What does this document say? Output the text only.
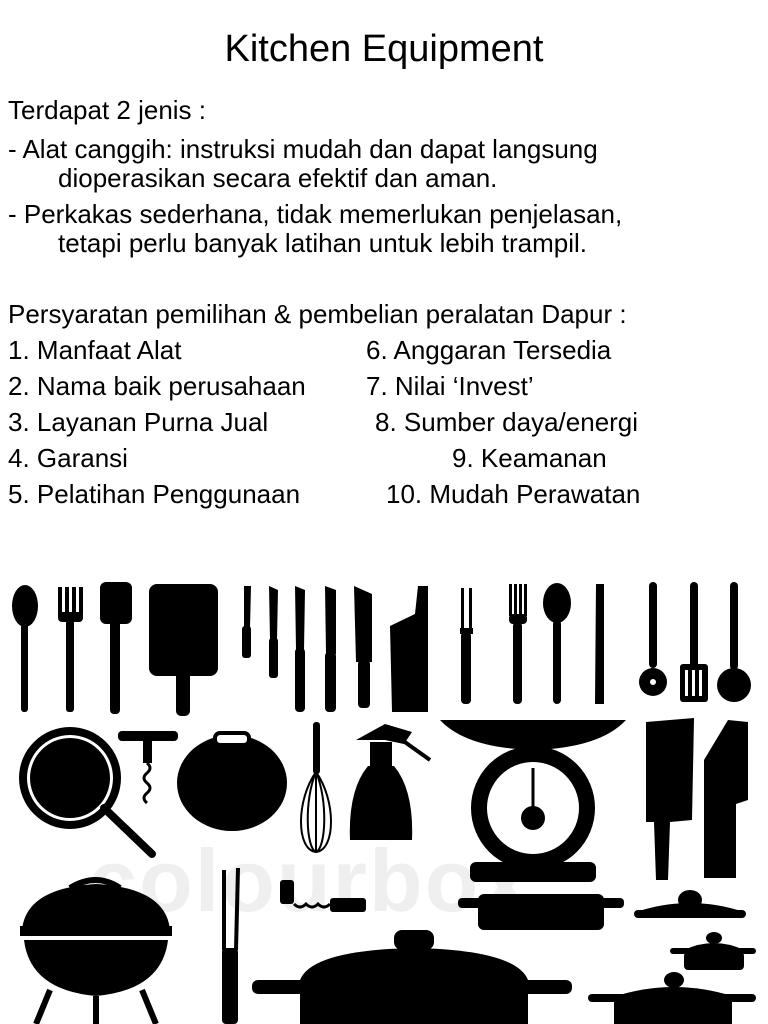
Kitchen Equipment
Terdapat 2 jenis :
- Alat canggih: instruksi mudah dan dapat langsung
dioperasikan secara efektif dan aman.
- Perkakas sederhana, tidak memerlukan penjelasan,
tetapi perlu banyak latihan untuk lebih trampil.
Persyaratan pemilihan & pembelian peralatan Dapur :
1. Manfaat Alat
2. Nama baik perusahaan
3. Layanan Purna Jual
4. Garansi
5. Pelatihan Penggunaan
6. Anggaran Tersedia
7. Nilai ‘Invest’
8. Sumber daya/energi
9. Keamanan
10. Mudah Perawatan
colourbox
